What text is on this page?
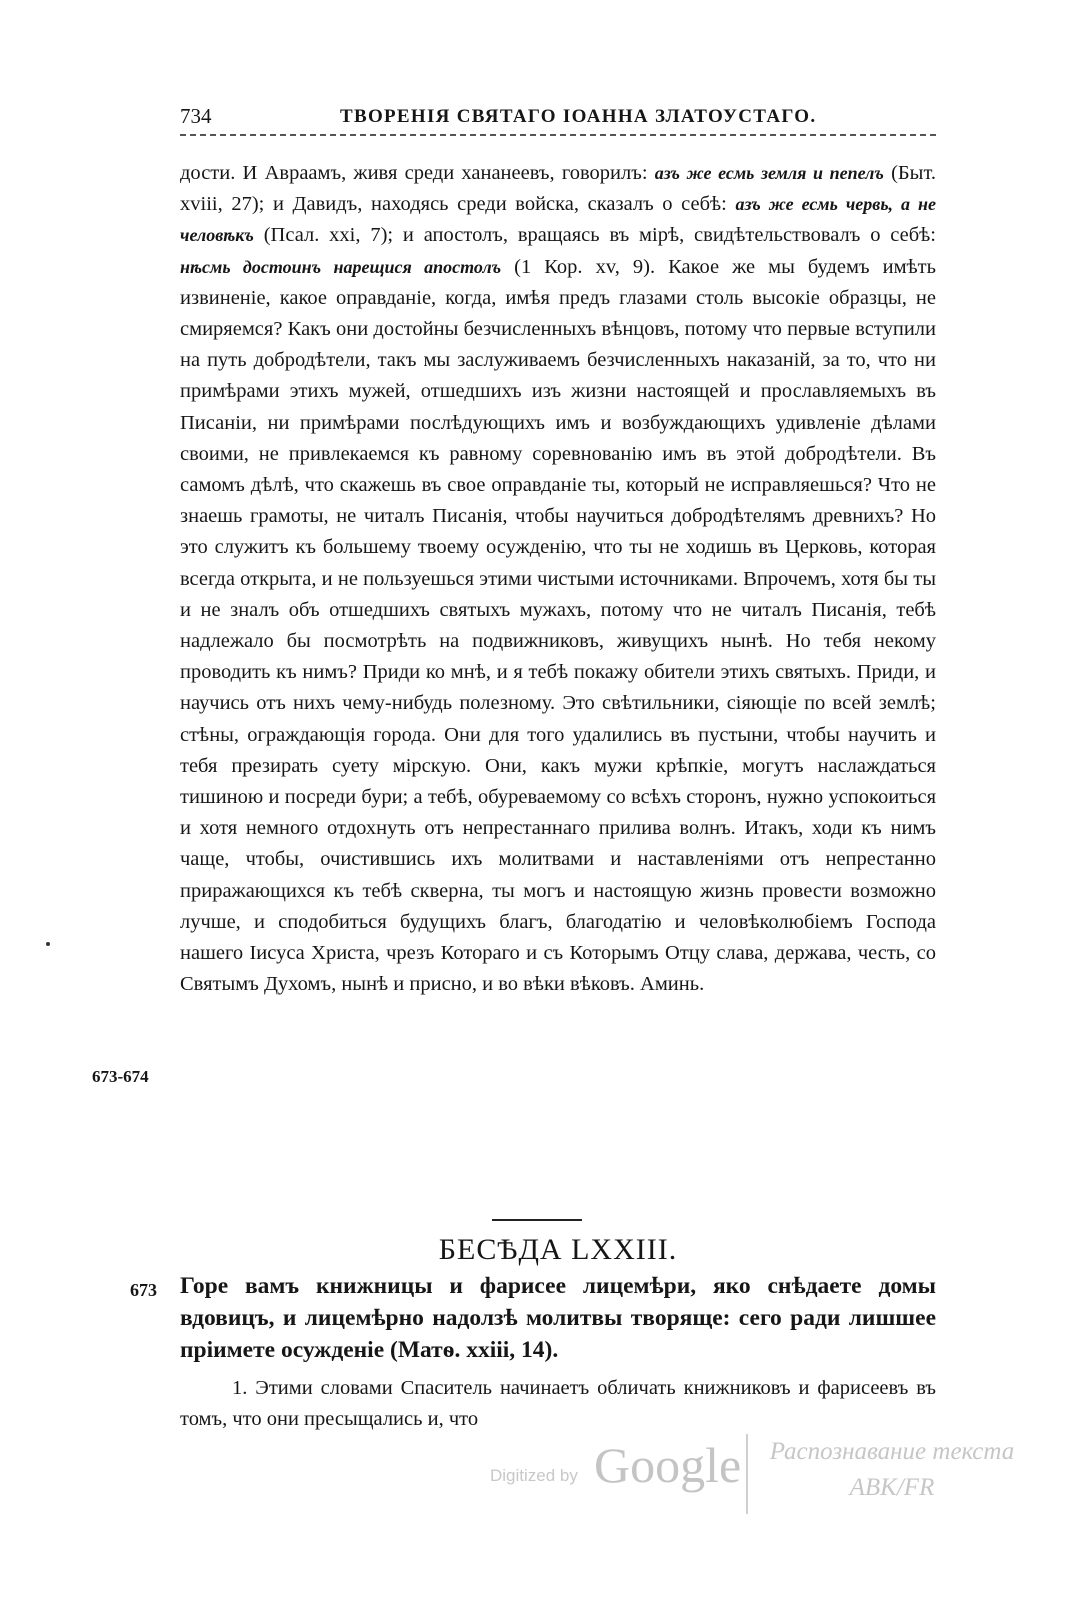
734	ТВОРЕНІЯ СВЯТАГО ІОАННА ЗЛАТОУСТАГО.

дости. И Авраамъ, живя среди хананеевъ, говорилъ: азъ же есмь земля и пепелъ (Быт. xviii, 27); и Давидъ, находясь среди войска, сказалъ о себѣ: азъ же есмь червь, а не человѣкъ (Псал. xxi, 7); и апостолъ, вращаясь въ мірѣ, свидѣтельствовалъ о себѣ: нѣсмь достоинъ нарещися апостолъ (1 Кор. xv, 9). Какое же мы будемъ имѣть извиненіе, какое оправданіе, когда, имѣя предъ глазами столь высокіе образцы, не смиряемся? Какъ они достойны безчисленныхъ вѣнцовъ, потому что первые вступили на путь добродѣтели, такъ мы заслуживаемъ безчисленныхъ наказаній, за то, что ни примѣрами этихъ мужей, отшедшихъ изъ жизни настоящей и прославляемыхъ въ Писаніи, ни примѣрами послѣдующихъ имъ и возбуждающихъ удивленіе дѣлами своими, не привлекаемся къ равному соревнованію имъ въ этой добродѣтели. Въ самомъ дѣлѣ, что скажешь въ свое оправданіе ты, который не исправляешься? Что не знаешь грамоты, не читалъ Писанія, чтобы научиться добродѣтелямъ древнихъ? Но это служитъ къ большему твоему осужденію, что ты не ходишь въ Церковь, которая всегда открыта, и не пользуешься этими чистыми источниками. Впрочемъ, хотя бы ты и не зналъ объ отшедшихъ святыхъ мужахъ, потому что не читалъ Писанія, тебѣ надлежало бы посмотрѣть на подвижниковъ, живущихъ нынѣ. Но тебя некому проводить къ нимъ? Приди ко мнѣ, и я тебѣ покажу обители этихъ святыхъ. Приди, и научись отъ нихъ чему-нибудь полезному. Это свѣтильники, сіяющіе по всей землѣ; стѣны, ограждающія города. Они для того удалились въ пустыни, чтобы научить и тебя презирать суету мірскую. Они, какъ мужи крѣпкіе, могутъ наслаждаться тишиною и посреди бури; а тебѣ, обуреваемому со всѣхъ сторонъ, нужно успокоиться и хотя немного отдохнуть отъ непрестаннаго прилива волнъ. Итакъ, ходи къ нимъ чаще, чтобы, очистившись ихъ молитвами и наставленіями отъ непрестанно приражающихся къ тебѣ скверна, ты могъ и настоящую жизнь провести возможно лучше, и сподобиться будущихъ благъ, благодатію и человѣколюбіемъ Господа нашего Іисуса Христа, чрезъ Котораго и съ Которымъ Отцу слава, держава, честь, со Святымъ Духомъ, нынѣ и присно, и во вѣки вѣковъ. Аминь.

673-674
БЕСѢДА LXXIII.
673 Горе вамъ книжницы и фарисее лицемѣри, яко снѣдаете домы вдовицъ, и лицемѣрно надолзѣ молитвы творяще: сего ради лишшее пріимете осужденіе (Матѳ. xxiii, 14).

1. Этими словами Спаситель начинаетъ обличать книжниковъ и фарисеевъ въ томъ, что они пресыщались и, что

Digitized by Google	Распознавание текста
ABK/FR
